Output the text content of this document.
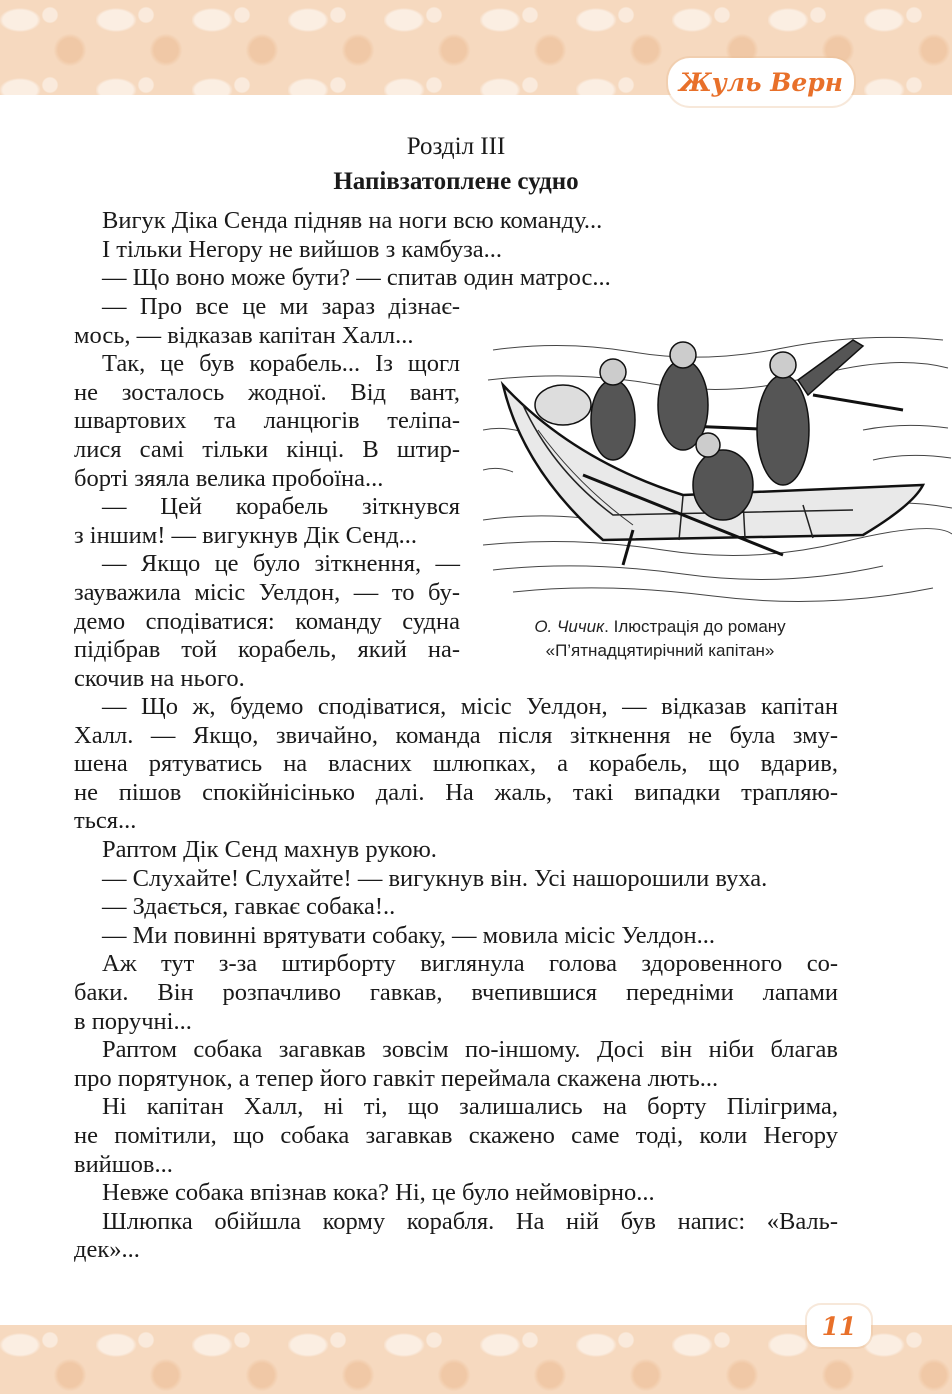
Жуль Верн
Розділ III
Напівзатоплене судно

Вигук Діка Сенда підняв на ноги всю команду...

І тільки Негору не вийшов з камбуза...

— Що воно може бути? — спитав один матрос...

— Про все це ми зараз дізнає-
мось, — відказав капітан Халл...

Так, це був корабель... Із щогл
не зосталось жодної. Від вант,
швартових та ланцюгів теліпа-
лися самі тільки кінці. В штир-
борті зяяла велика пробоїна...

— Цей корабель зіткнувся
з іншим! — вигукнув Дік Сенд...

— Якщо це було зіткнення, —
зауважила місіс Уелдон, — то бу-
демо сподіватися: команду судна
підібрав той корабель, який на-
скочив на нього.

— Що ж, будемо сподіватися, місіс Уелдон, — відказав капітан
Халл. — Якщо, звичайно, команда після зіткнення не була зму-
шена рятуватись на власних шлюпках, а корабель, що вдарив,
не пішов спокійнісінько далі. На жаль, такі випадки трапляю-
ться...

Раптом Дік Сенд махнув рукою.

— Слухайте! Слухайте! — вигукнув він. Усі нашорошили вуха.

— Здається, гавкає собака!..

— Ми повинні врятувати собаку, — мовила місіс Уелдон...

Аж тут з-за штирборту виглянула голова здоровенного со-
баки. Він розпачливо гавкав, вчепившися передніми лапами
в поручні...

Раптом собака загавкав зовсім по-іншому. Досі він ніби благав
про порятунок, а тепер його гавкіт переймала скажена лють...

Ні капітан Халл, ні ті, що залишались на борту Пілігрима,
не помітили, що собака загавкав скажено саме тоді, коли Негору
вийшов...

Невже собака впізнав кока? Ні, це було неймовірно...

Шлюпка обійшла корму корабля. На ній був напис: «Валь-
дек»...

О. Чичик. Ілюстрація до роману
«П’ятнадцятирічний капітан»
11
